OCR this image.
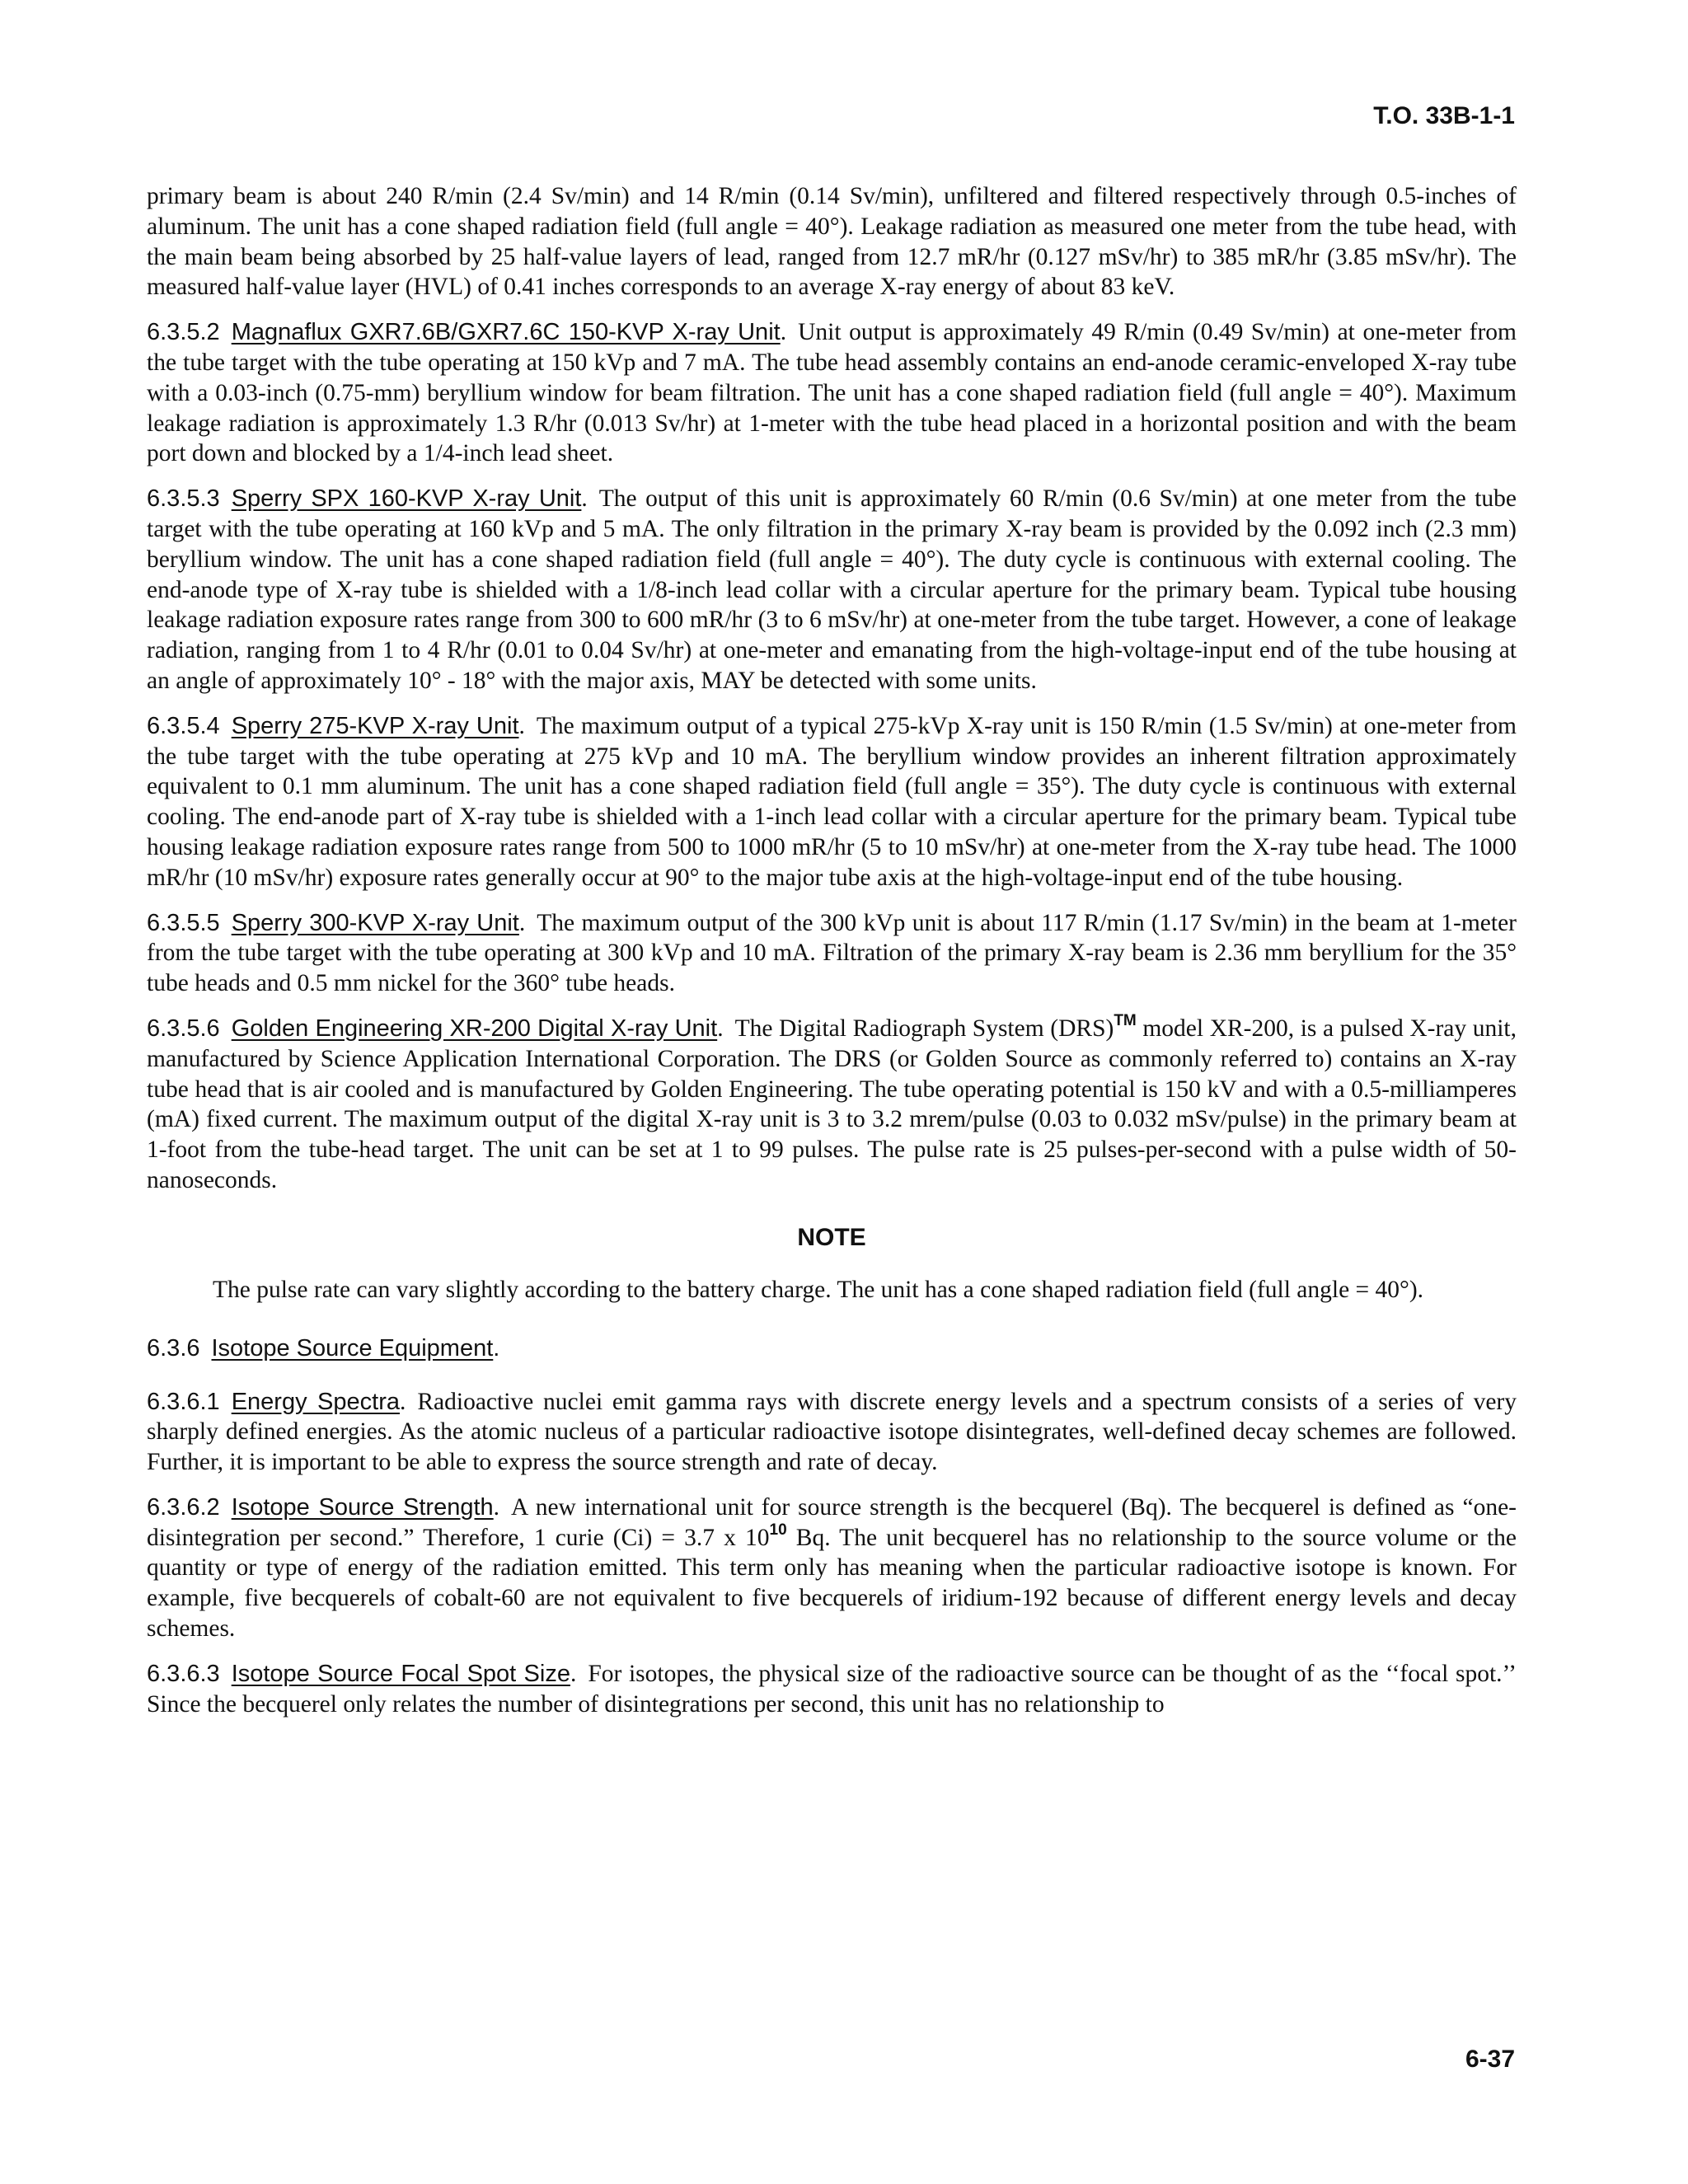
T.O. 33B-1-1

primary beam is about 240 R/min (2.4 Sv/min) and 14 R/min (0.14 Sv/min), unfiltered and filtered respectively through 0.5-inches of aluminum. The unit has a cone shaped radiation field (full angle = 40°). Leakage radiation as measured one meter from the tube head, with the main beam being absorbed by 25 half-value layers of lead, ranged from 12.7 mR/hr (0.127 mSv/hr) to 385 mR/hr (3.85 mSv/hr). The measured half-value layer (HVL) of 0.41 inches corresponds to an average X-ray energy of about 83 keV.

6.3.5.2 Magnaflux GXR7.6B/GXR7.6C 150-KVP X-ray Unit. Unit output is approximately 49 R/min (0.49 Sv/min) at one-meter from the tube target with the tube operating at 150 kVp and 7 mA. The tube head assembly contains an end-anode ceramic-enveloped X-ray tube with a 0.03-inch (0.75-mm) beryllium window for beam filtration. The unit has a cone shaped radiation field (full angle = 40°). Maximum leakage radiation is approximately 1.3 R/hr (0.013 Sv/hr) at 1-meter with the tube head placed in a horizontal position and with the beam port down and blocked by a 1/4-inch lead sheet.

6.3.5.3 Sperry SPX 160-KVP X-ray Unit. The output of this unit is approximately 60 R/min (0.6 Sv/min) at one meter from the tube target with the tube operating at 160 kVp and 5 mA. The only filtration in the primary X-ray beam is provided by the 0.092 inch (2.3 mm) beryllium window. The unit has a cone shaped radiation field (full angle = 40°). The duty cycle is continuous with external cooling. The end-anode type of X-ray tube is shielded with a 1/8-inch lead collar with a circular aperture for the primary beam. Typical tube housing leakage radiation exposure rates range from 300 to 600 mR/hr (3 to 6 mSv/hr) at one-meter from the tube target. However, a cone of leakage radiation, ranging from 1 to 4 R/hr (0.01 to 0.04 Sv/hr) at one-meter and emanating from the high-voltage-input end of the tube housing at an angle of approximately 10° - 18° with the major axis, MAY be detected with some units.

6.3.5.4 Sperry 275-KVP X-ray Unit. The maximum output of a typical 275-kVp X-ray unit is 150 R/min (1.5 Sv/min) at one-meter from the tube target with the tube operating at 275 kVp and 10 mA. The beryllium window provides an inherent filtration approximately equivalent to 0.1 mm aluminum. The unit has a cone shaped radiation field (full angle = 35°). The duty cycle is continuous with external cooling. The end-anode part of X-ray tube is shielded with a 1-inch lead collar with a circular aperture for the primary beam. Typical tube housing leakage radiation exposure rates range from 500 to 1000 mR/hr (5 to 10 mSv/hr) at one-meter from the X-ray tube head. The 1000 mR/hr (10 mSv/hr) exposure rates generally occur at 90° to the major tube axis at the high-voltage-input end of the tube housing.

6.3.5.5 Sperry 300-KVP X-ray Unit. The maximum output of the 300 kVp unit is about 117 R/min (1.17 Sv/min) in the beam at 1-meter from the tube target with the tube operating at 300 kVp and 10 mA. Filtration of the primary X-ray beam is 2.36 mm beryllium for the 35° tube heads and 0.5 mm nickel for the 360° tube heads.

6.3.5.6 Golden Engineering XR-200 Digital X-ray Unit. The Digital Radiograph System (DRS)™ model XR-200, is a pulsed X-ray unit, manufactured by Science Application International Corporation. The DRS (or Golden Source as commonly referred to) contains an X-ray tube head that is air cooled and is manufactured by Golden Engineering. The tube operating potential is 150 kV and with a 0.5-milliamperes (mA) fixed current. The maximum output of the digital X-ray unit is 3 to 3.2 mrem/pulse (0.03 to 0.032 mSv/pulse) in the primary beam at 1-foot from the tube-head target. The unit can be set at 1 to 99 pulses. The pulse rate is 25 pulses-per-second with a pulse width of 50-nanoseconds.

NOTE

The pulse rate can vary slightly according to the battery charge. The unit has a cone shaped radiation field (full angle = 40°).

6.3.6 Isotope Source Equipment.

6.3.6.1 Energy Spectra. Radioactive nuclei emit gamma rays with discrete energy levels and a spectrum consists of a series of very sharply defined energies. As the atomic nucleus of a particular radioactive isotope disintegrates, well-defined decay schemes are followed. Further, it is important to be able to express the source strength and rate of decay.

6.3.6.2 Isotope Source Strength. A new international unit for source strength is the becquerel (Bq). The becquerel is defined as “one-disintegration per second.” Therefore, 1 curie (Ci) = 3.7 x $10^{10}$ Bq. The unit becquerel has no relationship to the source volume or the quantity or type of energy of the radiation emitted. This term only has meaning when the particular radioactive isotope is known. For example, five becquerels of cobalt-60 are not equivalent to five becquerels of iridium-192 because of different energy levels and decay schemes.

6.3.6.3 Isotope Source Focal Spot Size. For isotopes, the physical size of the radioactive source can be thought of as the ‘‘focal spot.’’ Since the becquerel only relates the number of disintegrations per second, this unit has no relationship to

6-37
